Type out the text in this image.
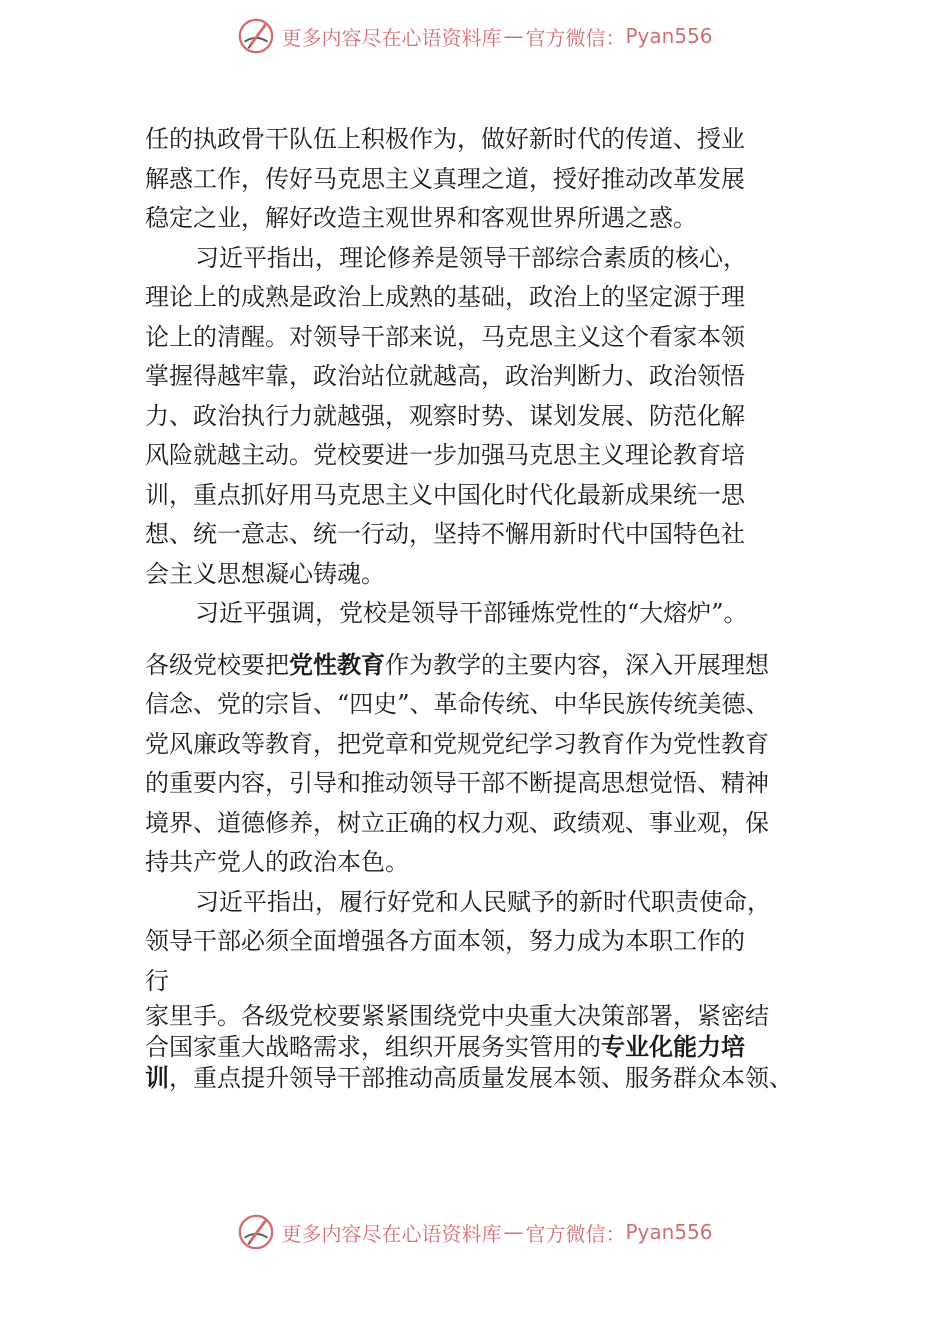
更多内容尽在心语资料库 — 官方微信： Pyan556

任的执政骨干队伍上积极作为，做好新时代的传道、授业
解惑工作，传好马克思主义真理之道，授好推动改革发展
稳定之业，解好改造主观世界和客观世界所遇之惑。

习近平指出，理论修养是领导干部综合素质的核心，
理论上的成熟是政治上成熟的基础，政治上的坚定源于理
论上的清醒。对领导干部来说，马克思主义这个看家本领
掌握得越牢靠，政治站位就越高，政治判断力、政治领悟
力、政治执行力就越强，观察时势、谋划发展、防范化解
风险就越主动。党校要进一步加强马克思主义理论教育培
训，重点抓好用马克思主义中国化时代化最新成果统一思
想、统一意志、统一行动，坚持不懈用新时代中国特色社
会主义思想凝心铸魂。

习近平强调，党校是领导干部锤炼党性的“大熔炉”。

各级党校要把党性教育作为教学的主要内容，深入开展理想
信念、党的宗旨、“四史”、革命传统、中华民族传统美德、
党风廉政等教育，把党章和党规党纪学习教育作为党性教育
的重要内容，引导和推动领导干部不断提高思想觉悟、精神
境界、道德修养，树立正确的权力观、政绩观、事业观，保
持共产党人的政治本色。

习近平指出，履行好党和人民赋予的新时代职责使命，
领导干部必须全面增强各方面本领，努力成为本职工作的
行

家里手。各级党校要紧紧围绕党中央重大决策部署，紧密结
合国家重大战略需求，组织开展务实管用的专业化能力培
训，重点提升领导干部推动高质量发展本领、服务群众本领、

更多内容尽在心语资料库 — 官方微信： Pyan556
